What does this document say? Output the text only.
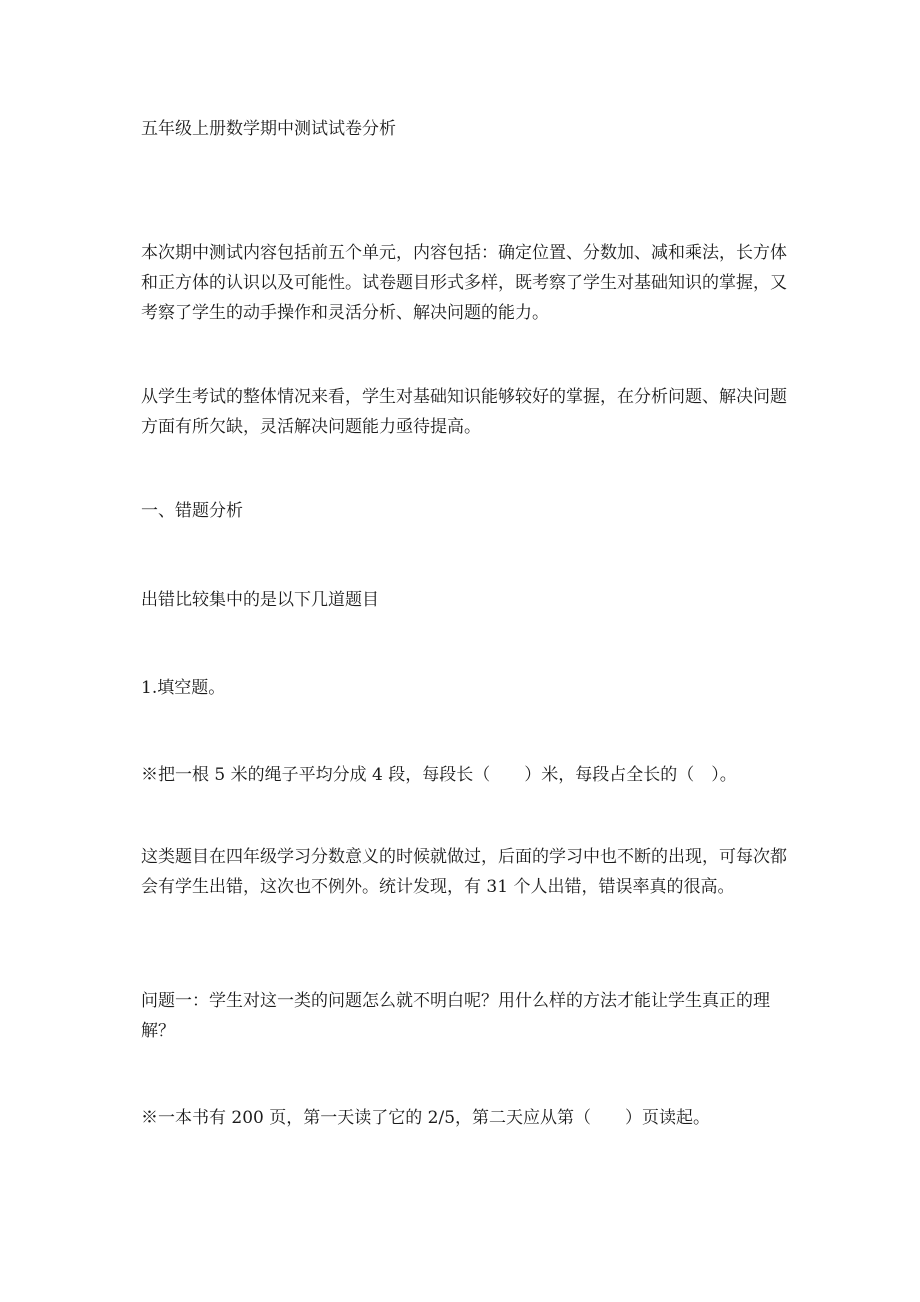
五年级上册数学期中测试试卷分析

本次期中测试内容包括前五个单元，内容包括：确定位置、分数加、减和乘法，长方体和正方体的认识以及可能性。试卷题目形式多样，既考察了学生对基础知识的掌握，又考察了学生的动手操作和灵活分析、解决问题的能力。

从学生考试的整体情况来看，学生对基础知识能够较好的掌握，在分析问题、解决问题方面有所欠缺，灵活解决问题能力亟待提高。

一、错题分析

出错比较集中的是以下几道题目

1.填空题。

※把一根 5 米的绳子平均分成 4 段，每段长（　　）米，每段占全长的（　）。

这类题目在四年级学习分数意义的时候就做过，后面的学习中也不断的出现，可每次都会有学生出错，这次也不例外。统计发现，有 31 个人出错，错误率真的很高。

问题一：学生对这一类的问题怎么就不明白呢？用什么样的方法才能让学生真正的理解？

※一本书有 200 页，第一天读了它的 2/5，第二天应从第（　　）页读起。
